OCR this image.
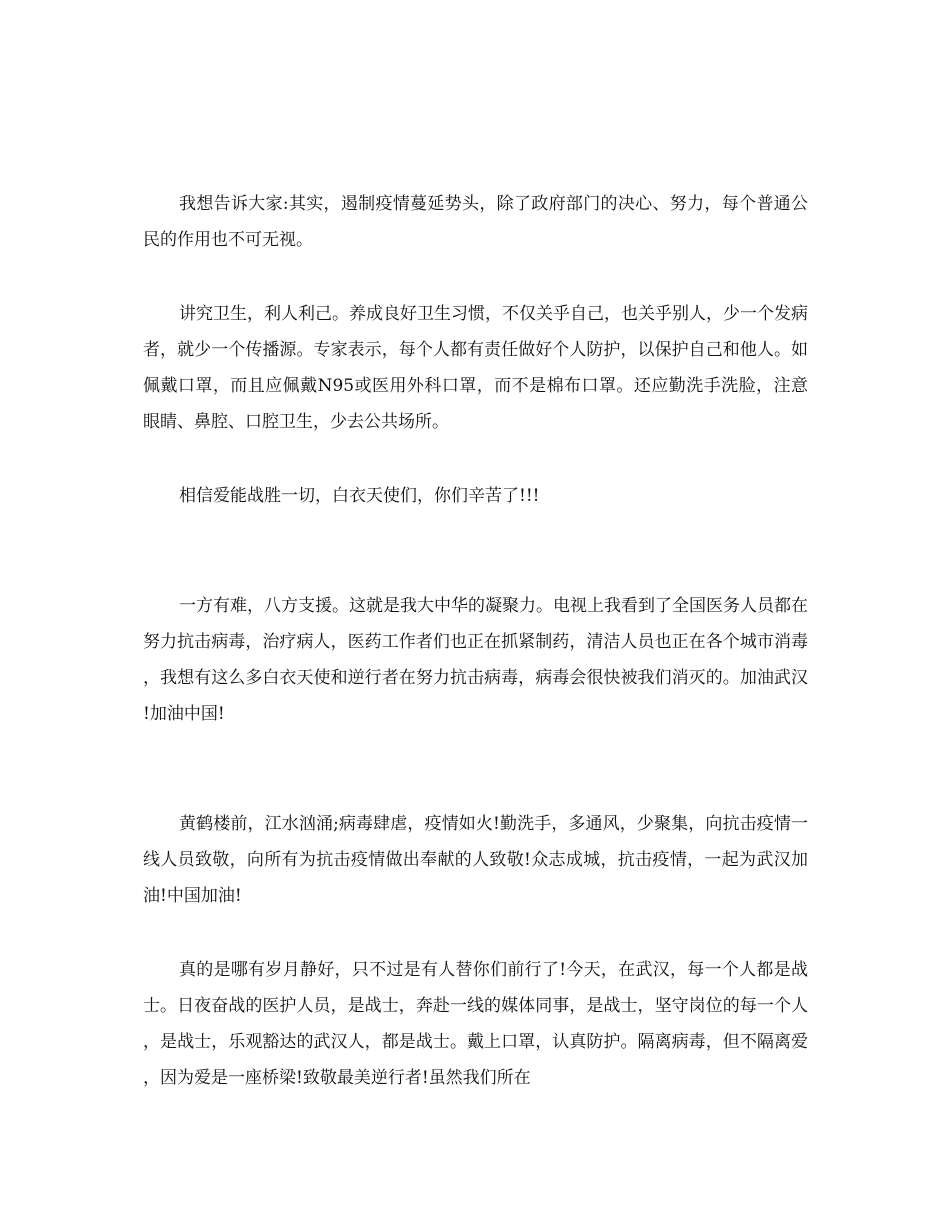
我想告诉大家:其实，遏制疫情蔓延势头，除了政府部门的决心、努力，每个普通公民的作用也不可无视。

讲究卫生，利人利己。养成良好卫生习惯，不仅关乎自己，也关乎别人，少一个发病者，就少一个传播源。专家表示，每个人都有责任做好个人防护，以保护自己和他人。如佩戴口罩，而且应佩戴N95或医用外科口罩，而不是棉布口罩。还应勤洗手洗脸，注意眼睛、鼻腔、口腔卫生，少去公共场所。

相信爱能战胜一切，白衣天使们，你们辛苦了!!!

一方有难，八方支援。这就是我大中华的凝聚力。电视上我看到了全国医务人员都在努力抗击病毒，治疗病人，医药工作者们也正在抓紧制药，清洁人员也正在各个城市消毒，我想有这么多白衣天使和逆行者在努力抗击病毒，病毒会很快被我们消灭的。加油武汉!加油中国!

黄鹤楼前，江水汹涌;病毒肆虐，疫情如火!勤洗手，多通风，少聚集，向抗击疫情一线人员致敬，向所有为抗击疫情做出奉献的人致敬!众志成城，抗击疫情，一起为武汉加油!中国加油!

真的是哪有岁月静好，只不过是有人替你们前行了!今天，在武汉，每一个人都是战士。日夜奋战的医护人员，是战士，奔赴一线的媒体同事，是战士，坚守岗位的每一个人，是战士，乐观豁达的武汉人，都是战士。戴上口罩，认真防护。隔离病毒，但不隔离爱，因为爱是一座桥梁!致敬最美逆行者!虽然我们所在
